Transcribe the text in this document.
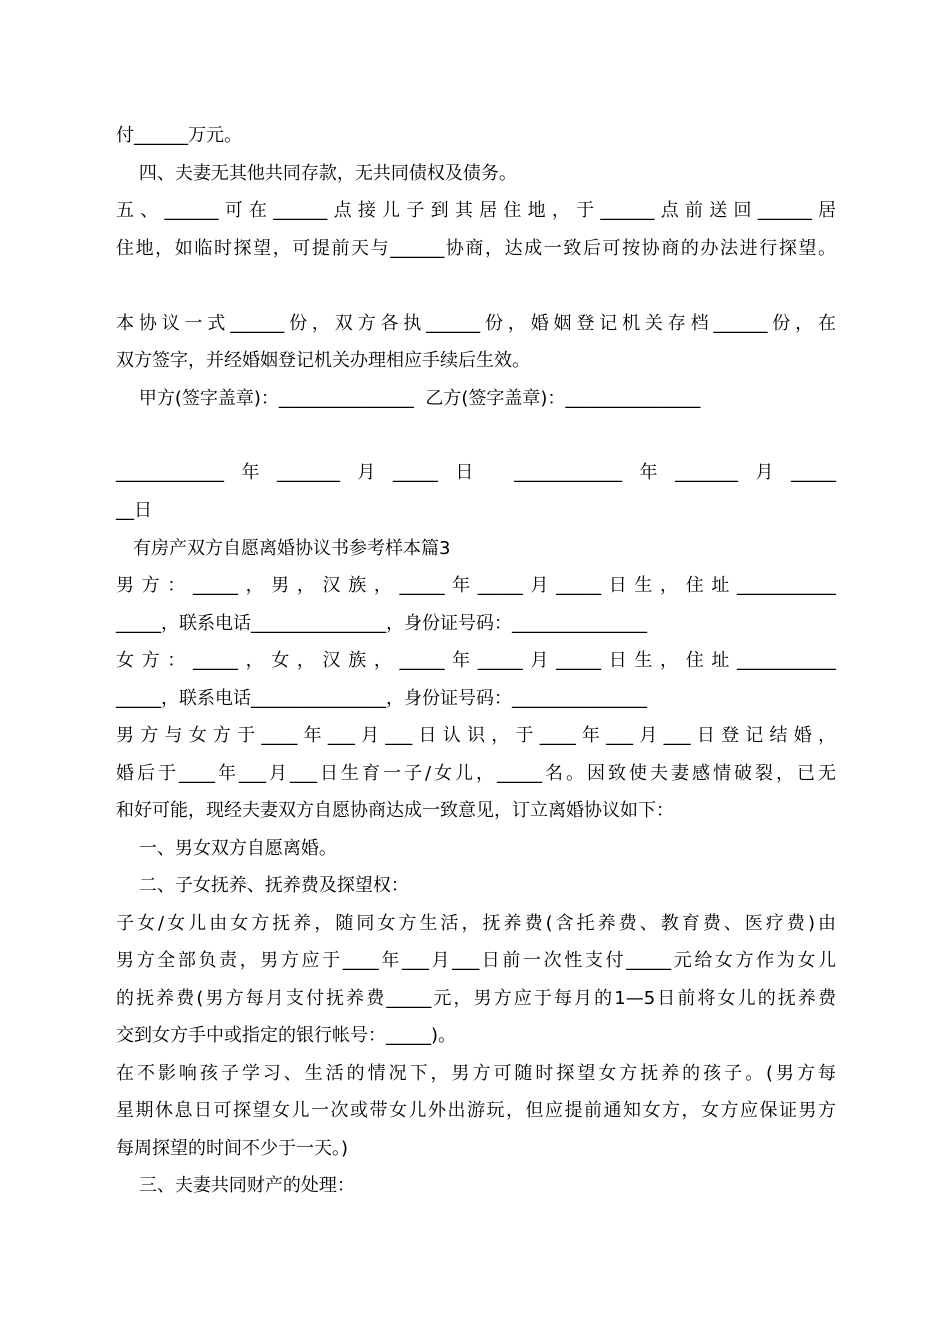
付______万元。
四、夫妻无其他共同存款，无共同债权及债务。
五、______可在______点接儿子到其居住地，于______点前送回______居
住地，如临时探望，可提前天与______协商，达成一致后可按协商的办法进行探望。
本协议一式______份，双方各执______份，婚姻登记机关存档______份，在
双方签字，并经婚姻登记机关办理相应手续后生效。
甲方(签字盖章)：_______________  乙方(签字盖章)：_______________
____________年_______月_____日 ____________年_______月_____
__日
有房产双方自愿离婚协议书参考样本篇3
男方：_____，男，汉族，_____年_____月_____日生，住址___________
_____，联系电话_______________，身份证号码：_______________
女方：_____，女，汉族，_____年_____月_____日生，住址___________
_____，联系电话_______________，身份证号码：_______________
男方与女方于____年___月___日认识，于____年___月___日登记结婚，
婚后于____年___月___日生育一子/女儿，_____名。因致使夫妻感情破裂，已无
和好可能，现经夫妻双方自愿协商达成一致意见，订立离婚协议如下：
一、男女双方自愿离婚。
二、子女抚养、抚养费及探望权：
子女/女儿由女方抚养，随同女方生活，抚养费(含托养费、教育费、医疗费)由
男方全部负责，男方应于____年___月___日前一次性支付_____元给女方作为女儿
的抚养费(男方每月支付抚养费_____元，男方应于每月的1—5日前将女儿的抚养费
交到女方手中或指定的银行帐号：_____)。
在不影响孩子学习、生活的情况下，男方可随时探望女方抚养的孩子。(男方每
星期休息日可探望女儿一次或带女儿外出游玩，但应提前通知女方，女方应保证男方
每周探望的时间不少于一天。)
三、夫妻共同财产的处理：
